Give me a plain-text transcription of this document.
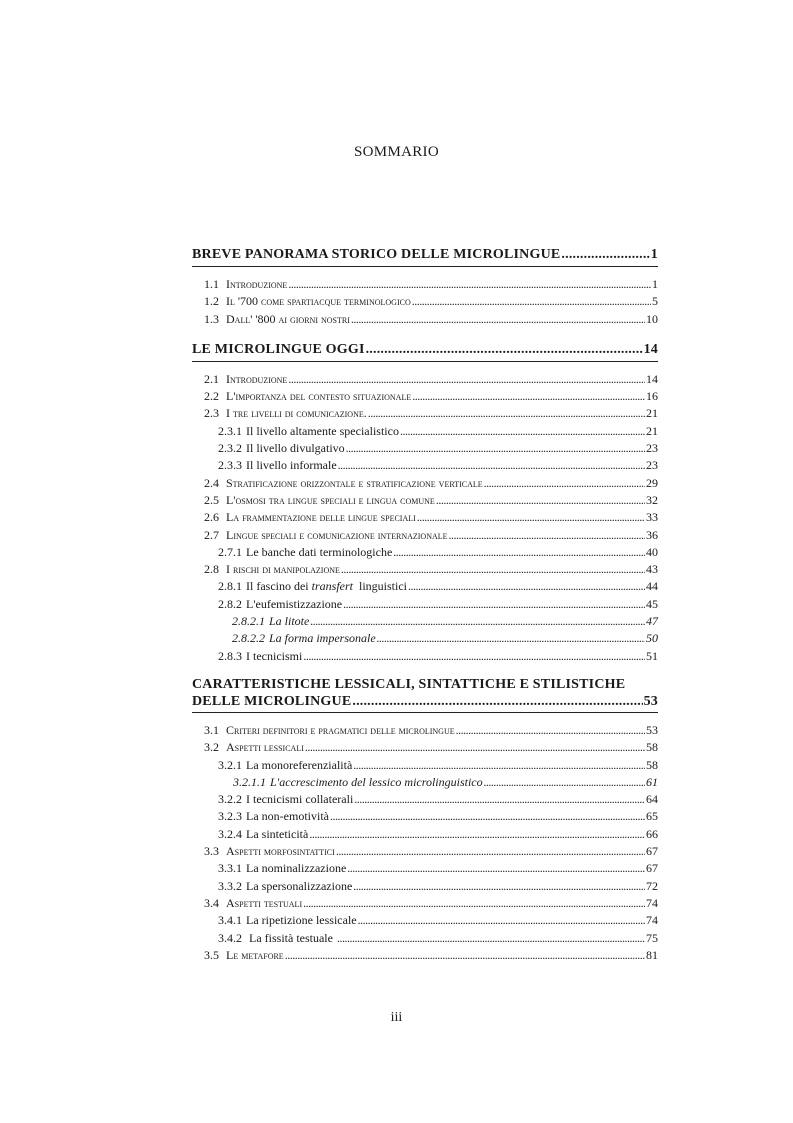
SOMMARIO
BREVE PANORAMA STORICO DELLE MICROLINGUE .....	1
1.1 Introduzione .....	1
1.2 Il '700 come spartiacque terminologico .....	5
1.3 Dall' '800 ai giorni nostri .....	10
LE MICROLINGUE OGGI .....	14
2.1 Introduzione .....	14
2.2 L'importanza del contesto situazionale .....	16
2.3 I tre livelli di comunicazione. .....	21
2.3.1 Il livello altamente specialistico .....	21
2.3.2 Il livello divulgativo .....	23
2.3.3 Il livello informale .....	23
2.4 Stratificazione orizzontale e stratificazione verticale .....	29
2.5 L'osmosi tra lingue speciali e lingua comune .....	32
2.6 La frammentazione delle lingue speciali .....	33
2.7 Lingue speciali e comunicazione internazionale .....	36
2.7.1 Le banche dati terminologiche .....	40
2.8 I rischi di manipolazione .....	43
2.8.1 Il fascino dei transfert  linguistici .....	44
2.8.2 L'eufemistizzazione .....	45
2.8.2.1 La litote .....	47
2.8.2.2 La forma impersonale .....	50
2.8.3 I tecnicismi .....	51
CARATTERISTICHE LESSICALI, SINTATTICHE E STILISTICHE
DELLE MICROLINGUE .....	53
3.1 Criteri definitori e pragmatici delle microlingue .....	53
3.2 Aspetti lessicali .....	58
3.2.1 La monoreferenzialità .....	58
3.2.1.1 L'accrescimento del lessico microlinguistico .....	61
3.2.2 I tecnicismi collaterali .....	64
3.2.3 La non-emotività .....	65
3.2.4 La sinteticità .....	66
3.3 Aspetti morfosintattici .....	67
3.3.1 La nominalizzazione .....	67
3.3.2 La spersonalizzazione .....	72
3.4 Aspetti testuali .....	74
3.4.1 La ripetizione lessicale .....	74
3.4.2 La fissità testuale .....	75
3.5 Le metafore .....	81
iii
